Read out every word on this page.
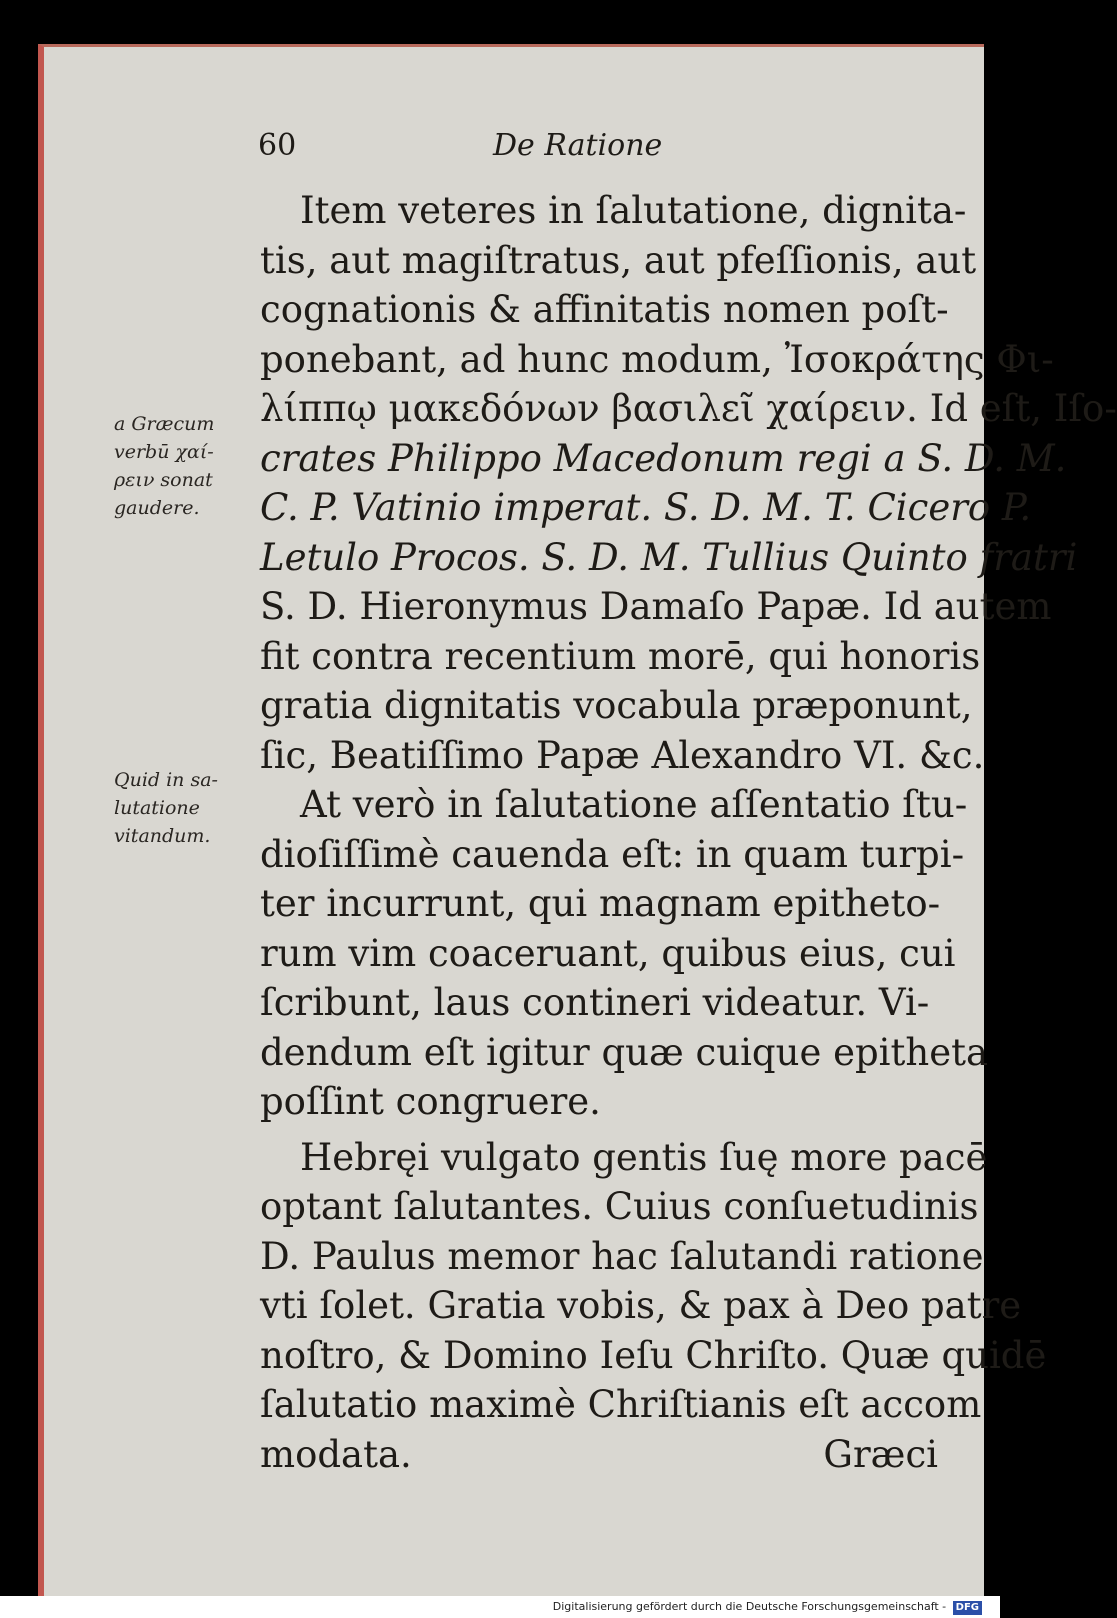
60	De Ratione
a Græcum
verbū χαί-
ρειν sonat
gaudere.
Quid in sa-
lutatione
vitandum.
Item veteres in ſalutatione, dignita-
tis, aut magiſtratus, aut pfeſſionis, aut
cognationis & affinitatis nomen poſt-
ponebant, ad hunc modum, Ἰσοκράτης Φι-
λίππῳ μακεδόνων βασιλεῖ χαίρειν. Id eſt, Iſo-
crates Philippo Macedonum regi a S. D. M.
C. P. Vatinio imperat. S. D. M. T. Cicero P.
Letulo Procos. S. D. M. Tullius Quinto fratri
S. D. Hieronymus Damaſo Papæ. Id autem
fit contra recentium morē, qui honoris
gratia dignitatis vocabula præponunt,
ſic, Beatiſſimo Papæ Alexandro VI. &c.
At verò in ſalutatione aſſentatio ſtu-
dioſiſſimè cauenda eſt: in quam turpi-
ter incurrunt, qui magnam epitheto-
rum vim coaceruant, quibus eius, cui
ſcribunt, laus contineri videatur. Vi-
dendum eſt igitur quæ cuique epitheta
poſſint congruere.
Hebręi vulgato gentis ſuę more pacē
optant ſalutantes. Cuius conſuetudinis
D. Paulus memor hac ſalutandi ratione
vti ſolet. Gratia vobis, & pax à Deo patre
noſtro, & Domino Ieſu Chriſto. Quæ quidē
ſalutatio maximè Chriſtianis eſt accom
modata.	Græci
Digitalisierung gefördert durch die Deutsche Forschungsgemeinschaft - DFG
